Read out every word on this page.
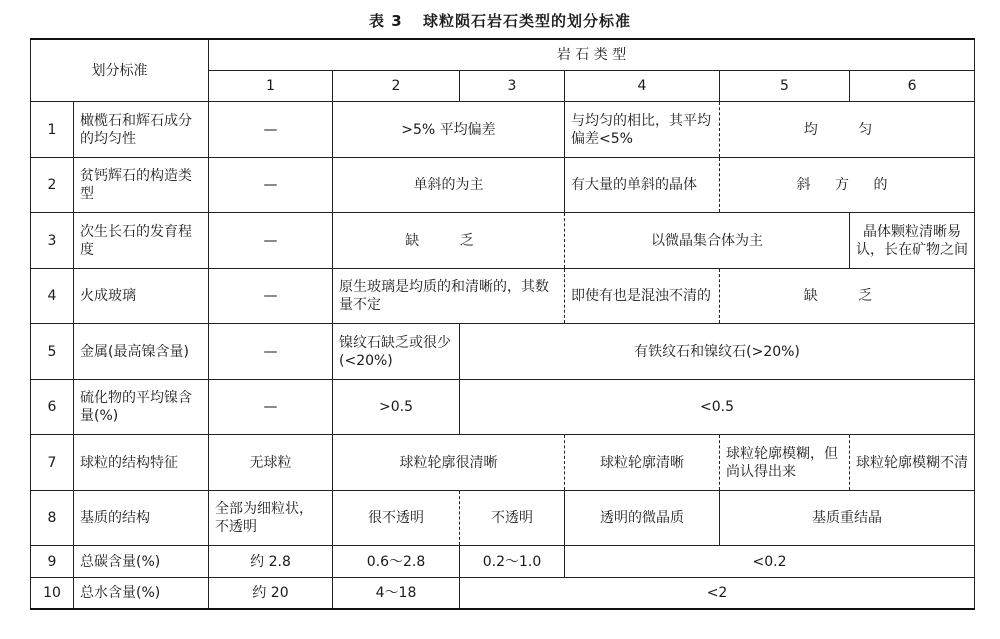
表 3 球粒陨石岩石类型的划分标准
划分标准		岩 石 类 型					
		1	2	3	4	5	6
1	橄榄石和辉石成分的均匀性	—	>5% 平均偏差		与均匀的相比，其平均偏差<5%	均 匀	
2	贫钙辉石的构造类型	—	单斜的为主		有大量的单斜的晶体	斜 方 的	
3	次生长石的发育程度	—	缺 乏		以微晶集合体为主		晶体颗粒清晰易认，长在矿物之间
4	火成玻璃	—	原生玻璃是均质的和清晰的，其数量不定		即使有也是混浊不清的	缺 乏	
5	金属(最高镍含量)	—	镍纹石缺乏或很少(<20%)	有铁纹石和镍纹石(>20%)			
6	硫化物的平均镍含量(%)	—	>0.5	<0.5			
7	球粒的结构特征	无球粒	球粒轮廓很清晰		球粒轮廓清晰	球粒轮廓模糊，但尚认得出来	球粒轮廓模糊不清
8	基质的结构	全部为细粒状，不透明	很不透明	不透明	透明的微晶质	基质重结晶	
9	总碳含量(%)	约 2.8	0.6～2.8	0.2～1.0	<0.2		
10	总水含量(%)	约 20	4～18	<2			
